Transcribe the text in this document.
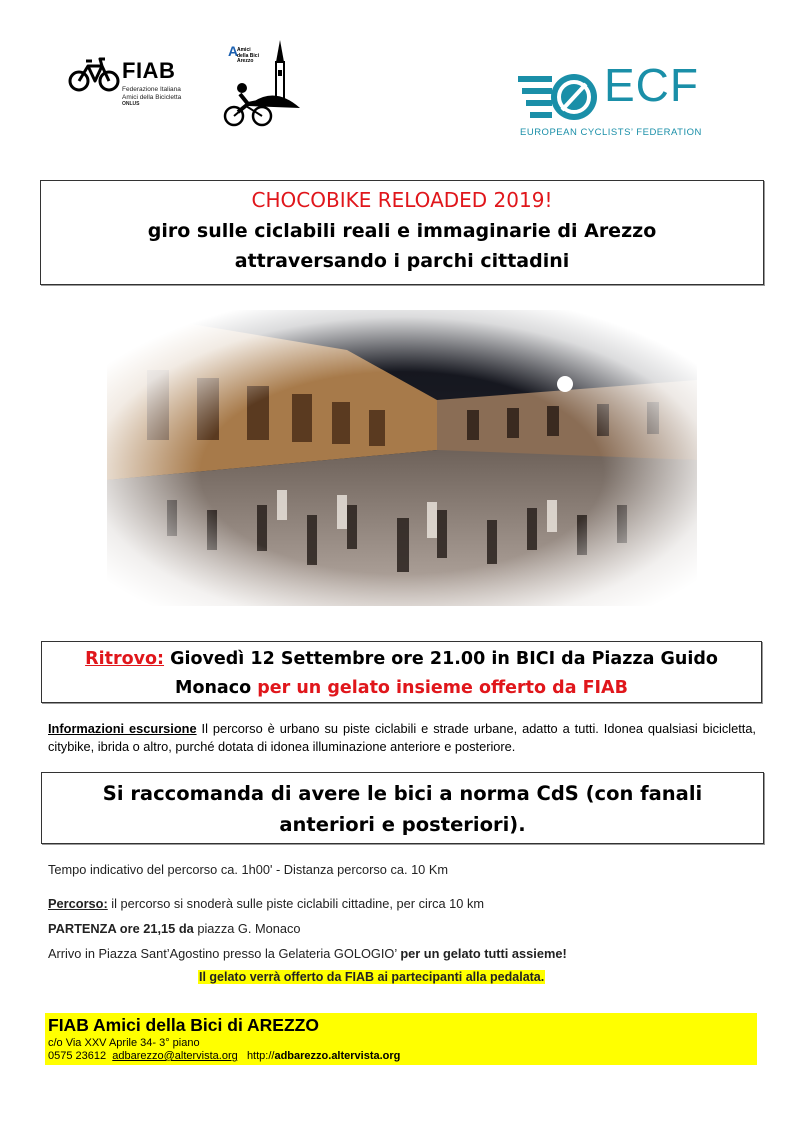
FIAB
Federazione Italiana
Amici della Bicicletta
ONLUS
A
Amici
della Bici
Arezzo	ECF
EUROPEAN CYCLISTS’ FEDERATION
CHOCOBIKE RELOADED 2019!
giro sulle ciclabili reali e immaginarie di Arezzo
attraversando i parchi cittadini
Ritrovo: Giovedì 12 Settembre ore 21.00 in BICI da Piazza Guido
Monaco per un gelato insieme offerto da FIAB
Informazioni escursione Il percorso è urbano su piste ciclabili e strade urbane, adatto a tutti. Idonea qualsiasi bicicletta, citybike, ibrida o altro, purché dotata di idonea illuminazione anteriore e posteriore.
Si raccomanda di avere le bici a norma CdS (con fanali
anteriori e posteriori).
Tempo indicativo del percorso ca. 1h00' - Distanza percorso ca. 10 Km
Percorso: il percorso si snoderà sulle piste ciclabili cittadine, per circa 10 km
PARTENZA ore 21,15 da piazza G. Monaco
Arrivo in Piazza Sant’Agostino presso la Gelateria GOLOGIO’ per un gelato tutti assieme!
Il gelato verrà offerto da FIAB ai partecipanti alla pedalata.
FIAB Amici della Bici di AREZZO
c/o Via XXV Aprile 34- 3° piano
0575 23612 adbarezzo@altervista.org http://adbarezzo.altervista.org
